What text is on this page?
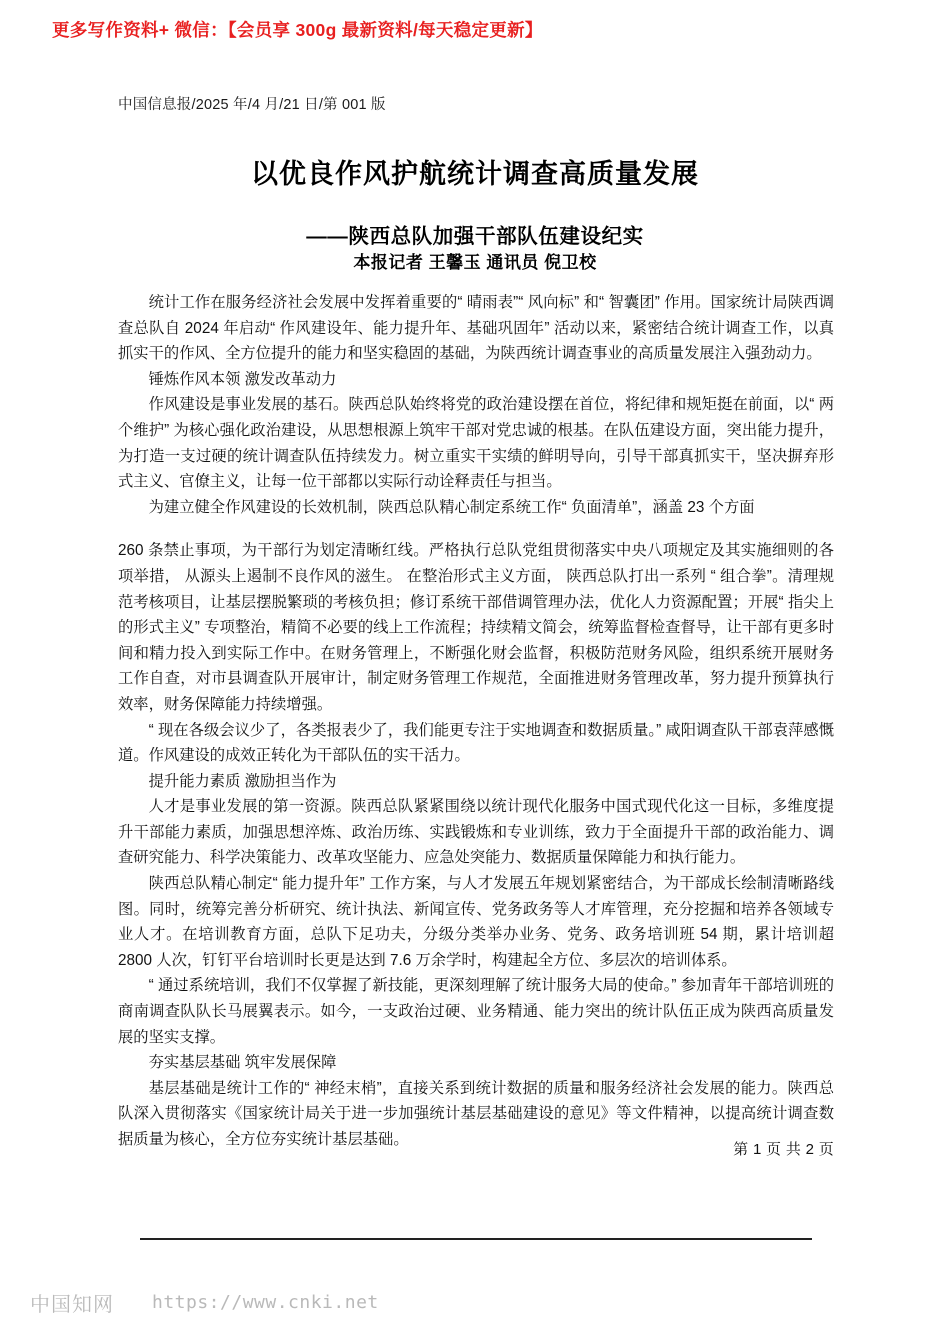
更多写作资料+ 微信：【会员享 300g 最新资料/每天稳定更新】
中国信息报/2025 年/4 月/21 日/第 001 版
以优良作风护航统计调查高质量发展
——陕西总队加强干部队伍建设纪实
本报记者 王馨玉 通讯员 倪卫校

统计工作在服务经济社会发展中发挥着重要的“ 晴雨表”“ 风向标” 和“ 智囊团” 作用。国家统计局陕西调查总队自 2024 年启动“ 作风建设年、能力提升年、基础巩固年” 活动以来，紧密结合统计调查工作，以真抓实干的作风、全方位提升的能力和坚实稳固的基础，为陕西统计调查事业的高质量发展注入强劲动力。

锤炼作风本领 激发改革动力

作风建设是事业发展的基石。陕西总队始终将党的政治建设摆在首位，将纪律和规矩挺在前面，以“ 两个维护” 为核心强化政治建设，从思想根源上筑牢干部对党忠诚的根基。在队伍建设方面，突出能力提升，为打造一支过硬的统计调查队伍持续发力。树立重实干实绩的鲜明导向，引导干部真抓实干，坚决摒弃形式主义、官僚主义，让每一位干部都以实际行动诠释责任与担当。

为建立健全作风建设的长效机制，陕西总队精心制定系统工作“ 负面清单”，涵盖 23 个方面

260 条禁止事项，为干部行为划定清晰红线。严格执行总队党组贯彻落实中央八项规定及其实施细则的各项举措， 从源头上遏制不良作风的滋生。 在整治形式主义方面， 陕西总队打出一系列 “ 组合拳”。清理规范考核项目，让基层摆脱繁琐的考核负担；修订系统干部借调管理办法，优化人力资源配置；开展“ 指尖上的形式主义” 专项整治，精简不必要的线上工作流程；持续精文简会，统筹监督检查督导，让干部有更多时间和精力投入到实际工作中。在财务管理上，不断强化财会监督，积极防范财务风险，组织系统开展财务工作自查，对市县调查队开展审计，制定财务管理工作规范，全面推进财务管理改革，努力提升预算执行效率，财务保障能力持续增强。

“ 现在各级会议少了，各类报表少了，我们能更专注于实地调查和数据质量。” 咸阳调查队干部袁萍感慨道。作风建设的成效正转化为干部队伍的实干活力。

提升能力素质 激励担当作为

人才是事业发展的第一资源。陕西总队紧紧围绕以统计现代化服务中国式现代化这一目标，多维度提升干部能力素质，加强思想淬炼、政治历练、实践锻炼和专业训练，致力于全面提升干部的政治能力、调查研究能力、科学决策能力、改革攻坚能力、应急处突能力、数据质量保障能力和执行能力。

陕西总队精心制定“ 能力提升年” 工作方案，与人才发展五年规划紧密结合，为干部成长绘制清晰路线图。同时，统筹完善分析研究、统计执法、新闻宣传、党务政务等人才库管理，充分挖掘和培养各领域专业人才。在培训教育方面，总队下足功夫，分级分类举办业务、党务、政务培训班 54 期，累计培训超 2800 人次，钉钉平台培训时长更是达到 7.6 万余学时，构建起全方位、多层次的培训体系。

“ 通过系统培训，我们不仅掌握了新技能，更深刻理解了统计服务大局的使命。” 参加青年干部培训班的商南调查队队长马展翼表示。如今，一支政治过硬、业务精通、能力突出的统计队伍正成为陕西高质量发展的坚实支撑。

夯实基层基础 筑牢发展保障

基层基础是统计工作的“ 神经末梢”，直接关系到统计数据的质量和服务经济社会发展的能力。陕西总队深入贯彻落实《国家统计局关于进一步加强统计基层基础建设的意见》等文件精神，以提高统计调查数据质量为核心，全方位夯实统计基层基础。

第 1 页 共 2 页
中国知网 https://www.cnki.net
